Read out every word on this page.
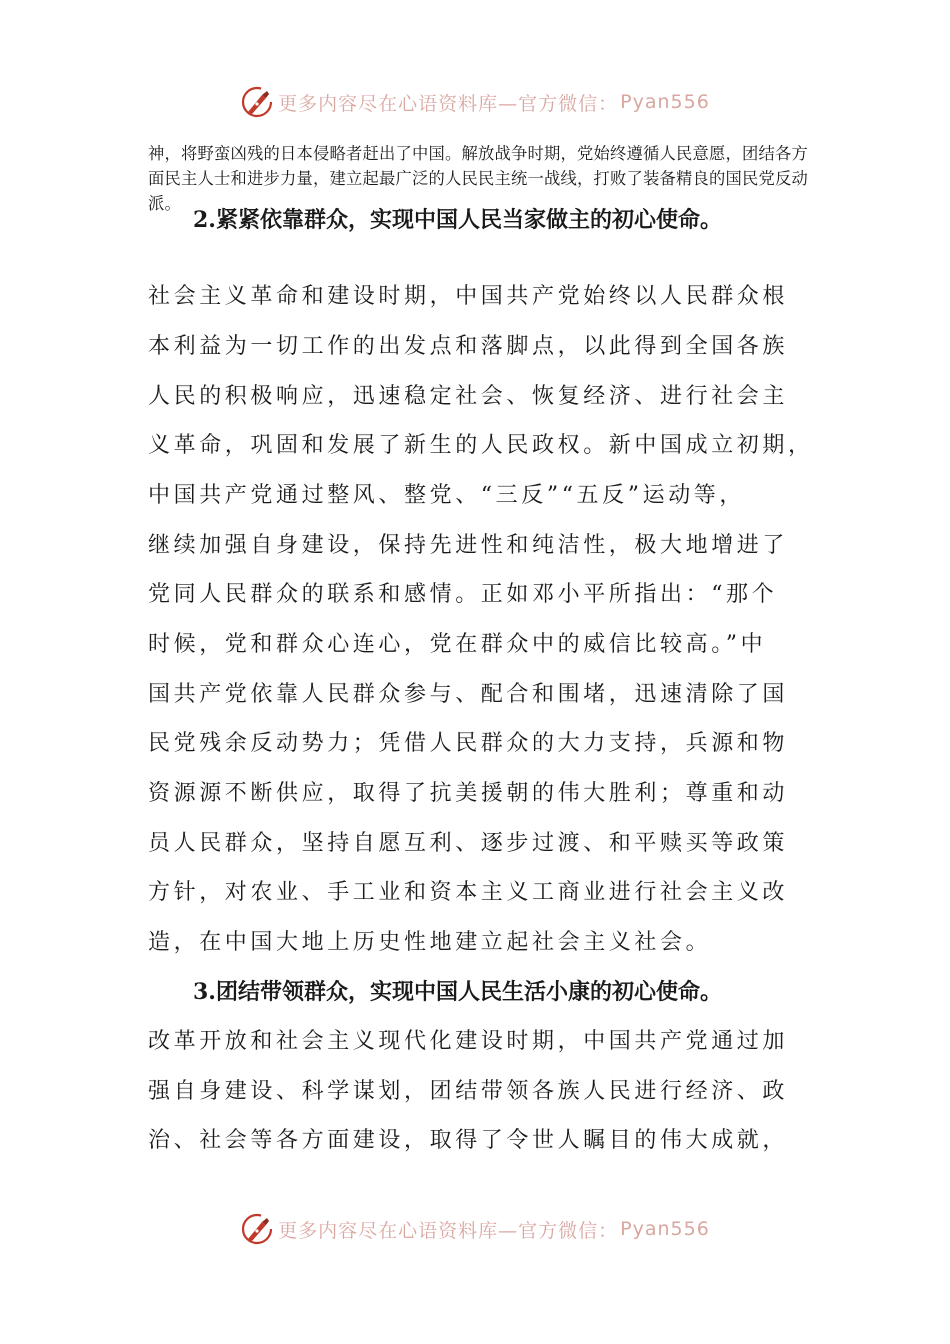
更多内容尽在心语资料库—官方微信： Pyan556
神，将野蛮凶残的日本侵略者赶出了中国。解放战争时期，党始终遵循人民意愿，团结各方面民主人士和进步力量，建立起最广泛的人民民主统一战线，打败了装备精良的国民党反动派。
2.紧紧依靠群众，实现中国人民当家做主的初心使命。
社会主义革命和建设时期，中国共产党始终以人民群众根
本利益为一切工作的出发点和落脚点，以此得到全国各族
人民的积极响应，迅速稳定社会、恢复经济、进行社会主
义革命，巩固和发展了新生的人民政权。新中国成立初期，
中国共产党通过整风、整党、“三反”“五反”运动等，
继续加强自身建设，保持先进性和纯洁性，极大地增进了
党同人民群众的联系和感情。正如邓小平所指出：“那个
时候，党和群众心连心，党在群众中的威信比较高。”中
国共产党依靠人民群众参与、配合和围堵，迅速清除了国
民党残余反动势力；凭借人民群众的大力支持，兵源和物
资源源不断供应，取得了抗美援朝的伟大胜利；尊重和动
员人民群众，坚持自愿互利、逐步过渡、和平赎买等政策
方针，对农业、手工业和资本主义工商业进行社会主义改
造，在中国大地上历史性地建立起社会主义社会。
3.团结带领群众，实现中国人民生活小康的初心使命。
改革开放和社会主义现代化建设时期，中国共产党通过加
强自身建设、科学谋划，团结带领各族人民进行经济、政
治、社会等各方面建设，取得了令世人瞩目的伟大成就，
更多内容尽在心语资料库—官方微信： Pyan556
